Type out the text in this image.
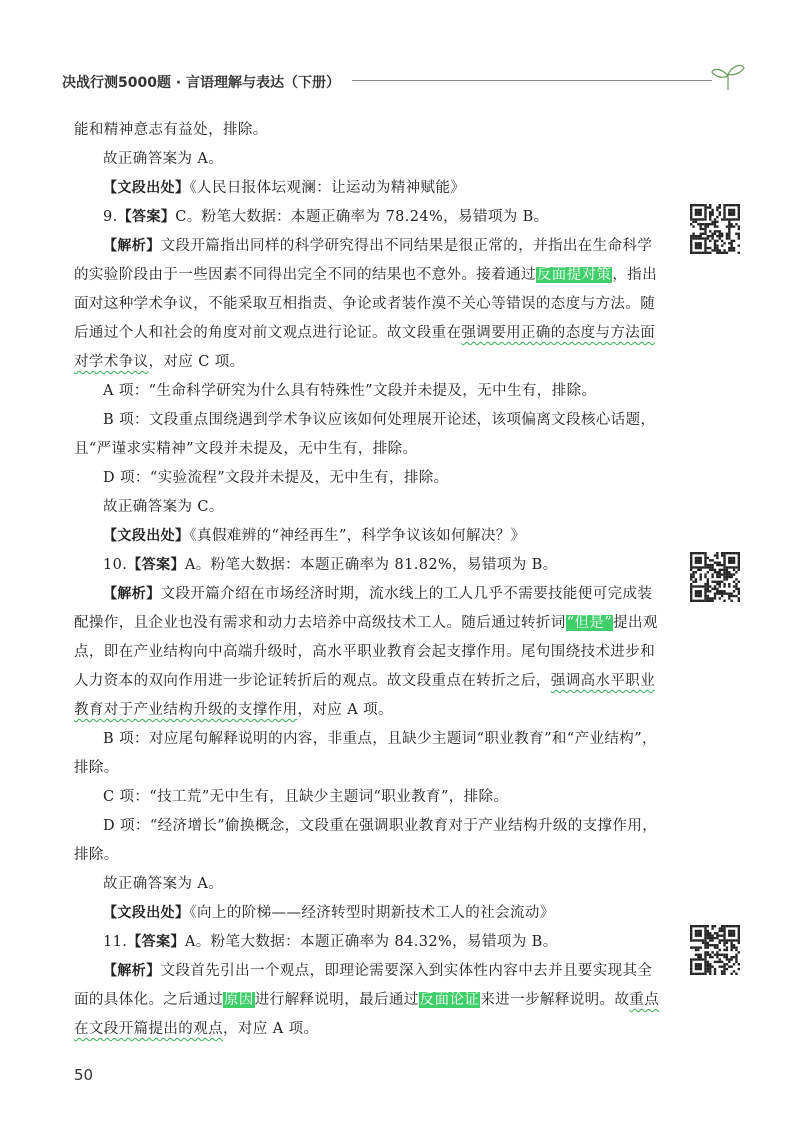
决战行测5000题 · 言语理解与表达（下册）

能和精神意志有益处，排除。

故正确答案为 A。

【文段出处】《人民日报体坛观澜：让运动为精神赋能》

9.【答案】C。粉笔大数据：本题正确率为 78.24%，易错项为 B。

【解析】文段开篇指出同样的科学研究得出不同结果是很正常的，并指出在生命科学的实验阶段由于一些因素不同得出完全不同的结果也不意外。接着通过反面提对策，指出面对这种学术争议，不能采取互相指责、争论或者装作漠不关心等错误的态度与方法。随后通过个人和社会的角度对前文观点进行论证。故文段重在强调要用正确的态度与方法面对学术争议，对应 C 项。

A 项：“生命科学研究为什么具有特殊性”文段并未提及，无中生有，排除。

B 项：文段重点围绕遇到学术争议应该如何处理展开论述，该项偏离文段核心话题，且“严谨求实精神”文段并未提及，无中生有，排除。

D 项：“实验流程”文段并未提及，无中生有，排除。

故正确答案为 C。

【文段出处】《真假难辨的“神经再生”，科学争议该如何解决？》

10.【答案】A。粉笔大数据：本题正确率为 81.82%，易错项为 B。

【解析】文段开篇介绍在市场经济时期，流水线上的工人几乎不需要技能便可完成装配操作，且企业也没有需求和动力去培养中高级技术工人。随后通过转折词“但是”提出观点，即在产业结构向中高端升级时，高水平职业教育会起支撑作用。尾句围绕技术进步和人力资本的双向作用进一步论证转折后的观点。故文段重点在转折之后，强调高水平职业教育对于产业结构升级的支撑作用，对应 A 项。

B 项：对应尾句解释说明的内容，非重点，且缺少主题词“职业教育”和“产业结构”，排除。

C 项：“技工荒”无中生有，且缺少主题词“职业教育”，排除。

D 项：“经济增长”偷换概念，文段重在强调职业教育对于产业结构升级的支撑作用，排除。

故正确答案为 A。

【文段出处】《向上的阶梯——经济转型时期新技术工人的社会流动》

11.【答案】A。粉笔大数据：本题正确率为 84.32%，易错项为 B。

【解析】文段首先引出一个观点，即理论需要深入到实体性内容中去并且要实现其全面的具体化。之后通过原因进行解释说明，最后通过反面论证来进一步解释说明。故重点在文段开篇提出的观点，对应 A 项。

50
